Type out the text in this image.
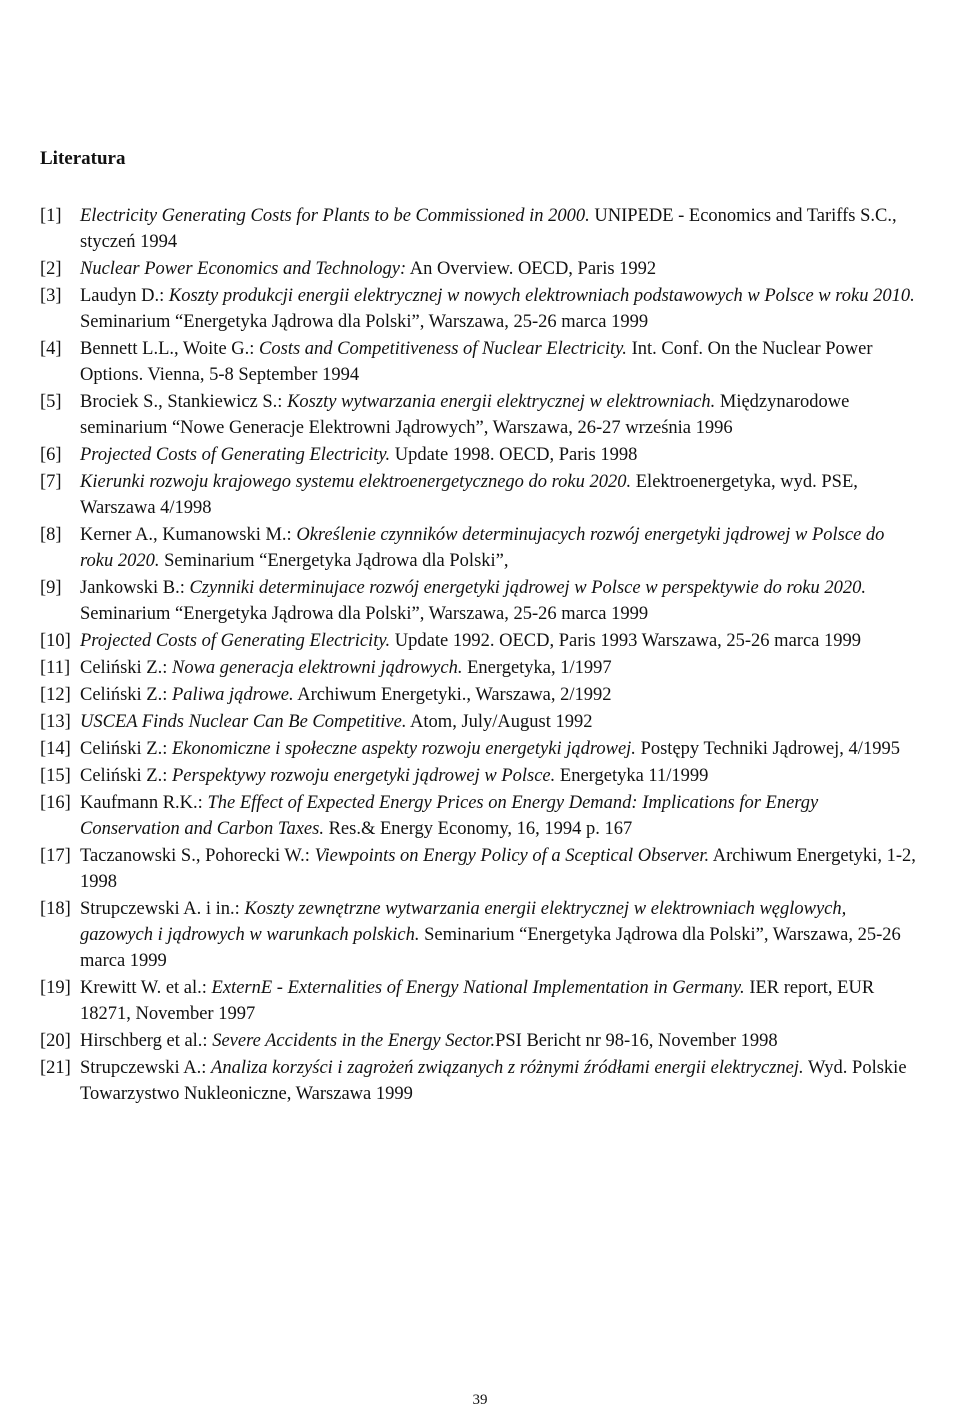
Literatura
[1] Electricity Generating Costs for Plants to be Commissioned in 2000. UNIPEDE - Economics and Tariffs S.C., styczeń 1994
[2] Nuclear Power Economics and Technology: An Overview. OECD, Paris 1992
[3] Laudyn D.: Koszty produkcji energii elektrycznej w nowych elektrowniach podstawowych w Polsce w roku 2010. Seminarium “Energetyka Jądrowa dla Polski”, Warszawa, 25-26 marca 1999
[4] Bennett L.L., Woite G.: Costs and Competitiveness of Nuclear Electricity. Int. Conf. On the Nuclear Power Options. Vienna, 5-8 September 1994
[5] Brociek S., Stankiewicz S.: Koszty wytwarzania energii elektrycznej w elektrowniach. Międzynarodowe seminarium “Nowe Generacje Elektrowni Jądrowych”, Warszawa, 26-27 września 1996
[6] Projected Costs of Generating Electricity. Update 1998. OECD, Paris 1998
[7] Kierunki rozwoju krajowego systemu elektroenergetycznego do roku 2020. Elektroenergetyka, wyd. PSE, Warszawa 4/1998
[8] Kerner A., Kumanowski M.: Określenie czynników determinujacych rozwój energetyki jądrowej w Polsce do roku 2020. Seminarium “Energetyka Jądrowa dla Polski”,
[9] Jankowski B.: Czynniki determinujace rozwój energetyki jądrowej w Polsce w perspektywie do roku 2020. Seminarium “Energetyka Jądrowa dla Polski”, Warszawa, 25-26 marca 1999
[10] Projected Costs of Generating Electricity. Update 1992. OECD, Paris 1993 Warszawa, 25-26 marca 1999
[11] Celiński Z.: Nowa generacja elektrowni jądrowych. Energetyka, 1/1997
[12] Celiński Z.: Paliwa jądrowe. Archiwum Energetyki., Warszawa, 2/1992
[13] USCEA Finds Nuclear Can Be Competitive. Atom, July/August 1992
[14] Celiński Z.: Ekonomiczne i społeczne aspekty rozwoju energetyki jądrowej. Postępy Techniki Jądrowej, 4/1995
[15] Celiński Z.: Perspektywy rozwoju energetyki jądrowej w Polsce. Energetyka 11/1999
[16] Kaufmann R.K.: The Effect of Expected Energy Prices on Energy Demand: Implications for Energy Conservation and Carbon Taxes. Res.& Energy Economy, 16, 1994 p. 167
[17] Taczanowski S., Pohorecki W.: Viewpoints on Energy Policy of a Sceptical Observer. Archiwum Energetyki, 1-2, 1998
[18] Strupczewski A. i in.: Koszty zewnętrzne wytwarzania energii elektrycznej w elektrowniach węglowych, gazowych i jądrowych w warunkach polskich. Seminarium “Energetyka Jądrowa dla Polski”, Warszawa, 25-26 marca 1999
[19] Krewitt W. et al.: ExternE - Externalities of Energy National Implementation in Germany. IER report, EUR 18271, November 1997
[20] Hirschberg et al.: Severe Accidents in the Energy Sector.PSI Bericht nr 98-16, November 1998
[21] Strupczewski A.: Analiza korzyści i zagrożeń związanych z różnymi źródłami energii elektrycznej. Wyd. Polskie Towarzystwo Nukleoniczne, Warszawa 1999
39
